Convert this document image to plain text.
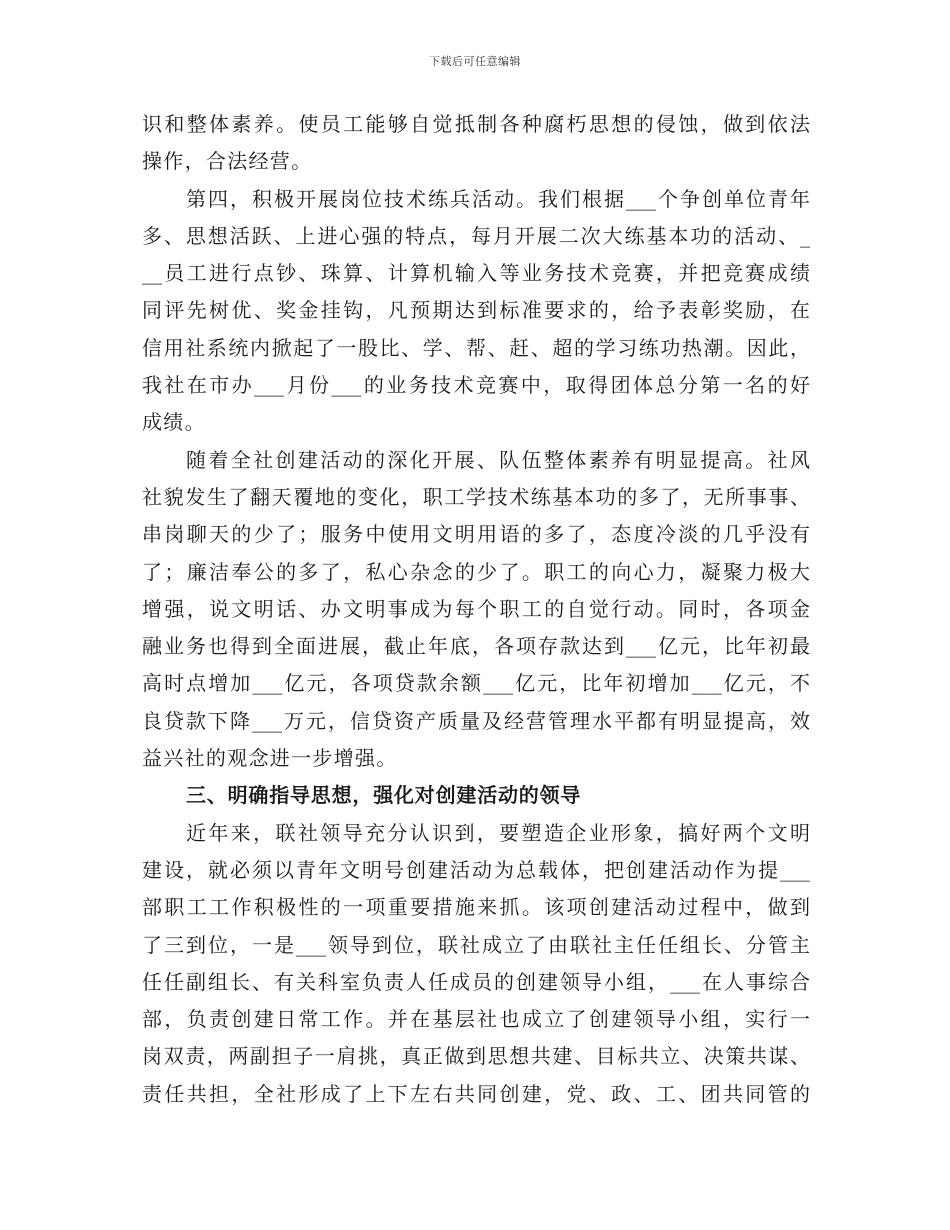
下载后可任意编辑
识和整体素养。使员工能够自觉抵制各种腐朽思想的侵蚀，做到依法
操作，合法经营。
第四，积极开展岗位技术练兵活动。我们根据___个争创单位青年
多、思想活跃、上进心强的特点，每月开展二次大练基本功的活动、_
__员工进行点钞、珠算、计算机输入等业务技术竞赛，并把竞赛成绩
同评先树优、奖金挂钩，凡预期达到标准要求的，给予表彰奖励，在
信用社系统内掀起了一股比、学、帮、赶、超的学习练功热潮。因此，
我社在市办___月份___的业务技术竞赛中，取得团体总分第一名的好
成绩。
随着全社创建活动的深化开展、队伍整体素养有明显提高。社风
社貌发生了翻天覆地的变化，职工学技术练基本功的多了，无所事事、
串岗聊天的少了；服务中使用文明用语的多了，态度冷淡的几乎没有
了；廉洁奉公的多了，私心杂念的少了。职工的向心力，凝聚力极大
增强，说文明话、办文明事成为每个职工的自觉行动。同时，各项金
融业务也得到全面进展，截止年底，各项存款达到___亿元，比年初最
高时点增加___亿元，各项贷款余额___亿元，比年初增加___亿元，不
良贷款下降___万元，信贷资产质量及经营管理水平都有明显提高，效
益兴社的观念进一步增强。
三、明确指导思想，强化对创建活动的领导
近年来，联社领导充分认识到，要塑造企业形象，搞好两个文明
建设，就必须以青年文明号创建活动为总载体，把创建活动作为提___
部职工工作积极性的一项重要措施来抓。该项创建活动过程中，做到
了三到位，一是___领导到位，联社成立了由联社主任任组长、分管主
任任副组长、有关科室负责人任成员的创建领导小组，___在人事综合
部，负责创建日常工作。并在基层社也成立了创建领导小组，实行一
岗双责，两副担子一肩挑，真正做到思想共建、目标共立、决策共谋、
责任共担，全社形成了上下左右共同创建，党、政、工、团共同管的
